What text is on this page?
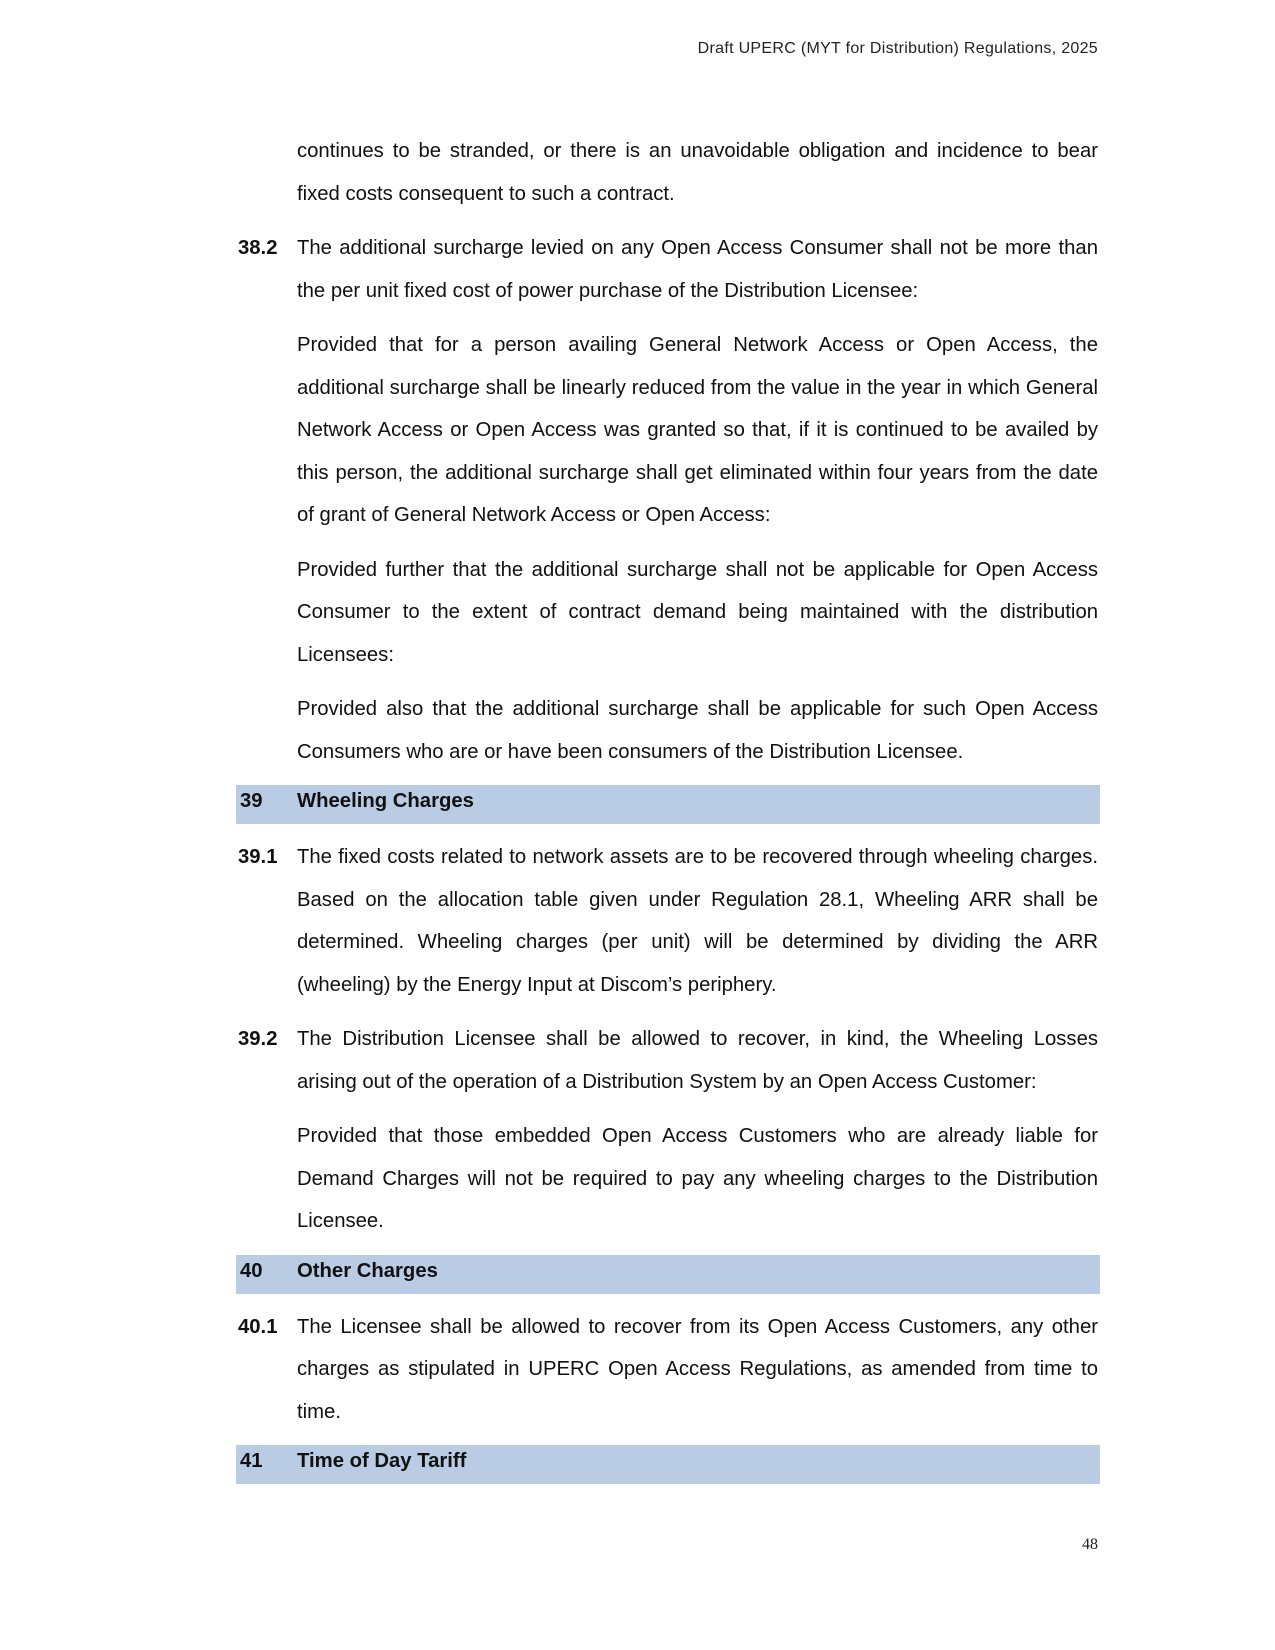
Draft UPERC (MYT for Distribution) Regulations, 2025

continues to be stranded, or there is an unavoidable obligation and incidence to bear fixed costs consequent to such a contract.

38.2 The additional surcharge levied on any Open Access Consumer shall not be more than the per unit fixed cost of power purchase of the Distribution Licensee:

Provided that for a person availing General Network Access or Open Access, the additional surcharge shall be linearly reduced from the value in the year in which General Network Access or Open Access was granted so that, if it is continued to be availed by this person, the additional surcharge shall get eliminated within four years from the date of grant of General Network Access or Open Access:

Provided further that the additional surcharge shall not be applicable for Open Access Consumer to the extent of contract demand being maintained with the distribution Licensees:

Provided also that the additional surcharge shall be applicable for such Open Access Consumers who are or have been consumers of the Distribution Licensee.

39 Wheeling Charges

39.1 The fixed costs related to network assets are to be recovered through wheeling charges. Based on the allocation table given under Regulation 28.1, Wheeling ARR shall be determined. Wheeling charges (per unit) will be determined by dividing the ARR (wheeling) by the Energy Input at Discom’s periphery.

39.2 The Distribution Licensee shall be allowed to recover, in kind, the Wheeling Losses arising out of the operation of a Distribution System by an Open Access Customer:

Provided that those embedded Open Access Customers who are already liable for Demand Charges will not be required to pay any wheeling charges to the Distribution Licensee.

40 Other Charges

40.1 The Licensee shall be allowed to recover from its Open Access Customers, any other charges as stipulated in UPERC Open Access Regulations, as amended from time to time.

41 Time of Day Tariff
48
